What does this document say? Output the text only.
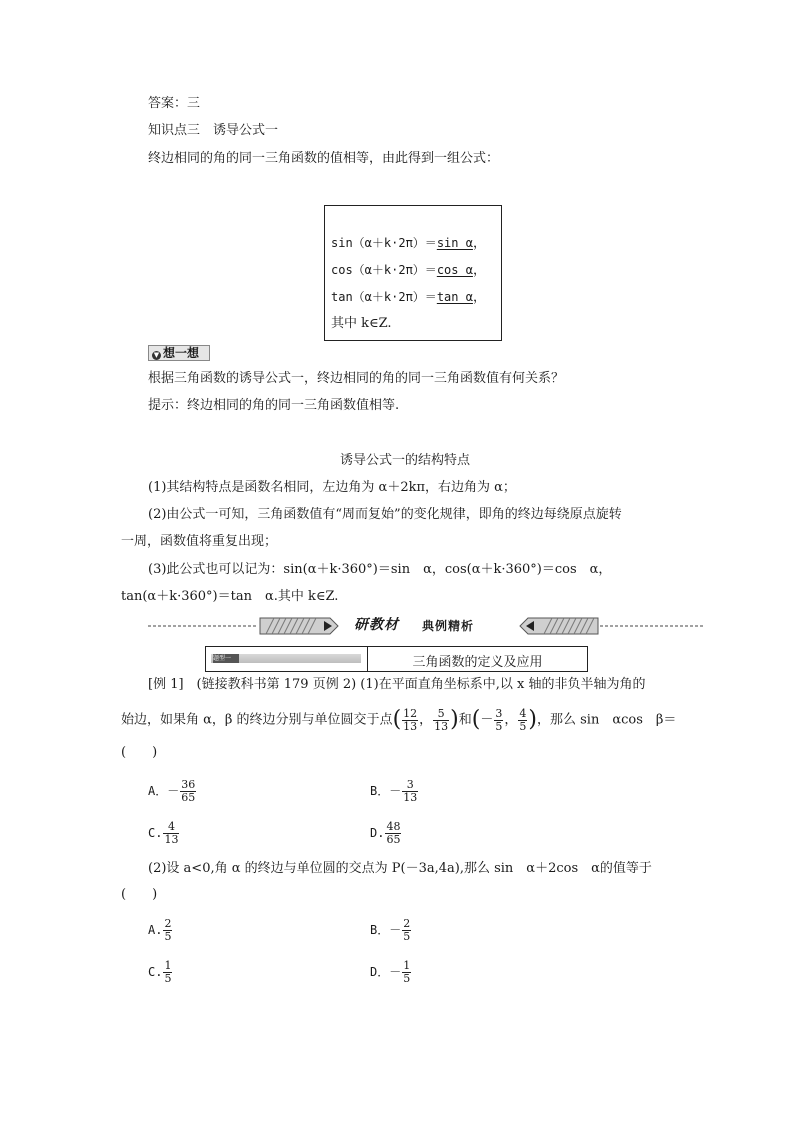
答案：三
知识点三　诱导公式一
终边相同的角的同一三角函数的值相等，由此得到一组公式：
sin（α＋k·2π）＝sin α，
cos（α＋k·2π）＝cos α，
tan（α＋k·2π）＝tan α，
其中 k∈Z.
▼ 想一想
根据三角函数的诱导公式一，终边相同的角的同一三角函数值有何关系？
提示：终边相同的角的同一三角函数值相等.
诱导公式一的结构特点
(1)其结构特点是函数名相同，左边角为 α＋2kπ，右边角为 α；
(2)由公式一可知，三角函数值有“周而复始”的变化规律，即角的终边每绕原点旋转
一周，函数值将重复出现；
(3)此公式也可以记为：sin(α＋k·360°)＝sin　α，cos(α＋k·360°)＝cos　α，
tan(α＋k·360°)＝tan　α.其中 k∈Z.
研教材 典例精析
题型一	三角函数的定义及应用
[例 1]　(链接教科书第 179 页例 2) (1)在平面直角坐标系中,以 x 轴的非负半轴为角的
始边，如果角 α，β 的终边分别与单位圆交于点( $\frac{12}{13}$ ， $\frac{5}{13}$ )和(－ $\frac{3}{5}$ ， $\frac{4}{5}$ )，那么 sin　αcos　β＝
(　　)
A．－ $\frac{36}{65}$	B．－ $\frac{3}{13}$
C. $\frac{4}{13}$	D. $\frac{48}{65}$
(2)设 a<0,角 α 的终边与单位圆的交点为 P(－3a,4a),那么 sin　α＋2cos　α的值等于
(　　)
A. $\frac{2}{5}$	B．－ $\frac{2}{5}$
C. $\frac{1}{5}$	D．－ $\frac{1}{5}$
